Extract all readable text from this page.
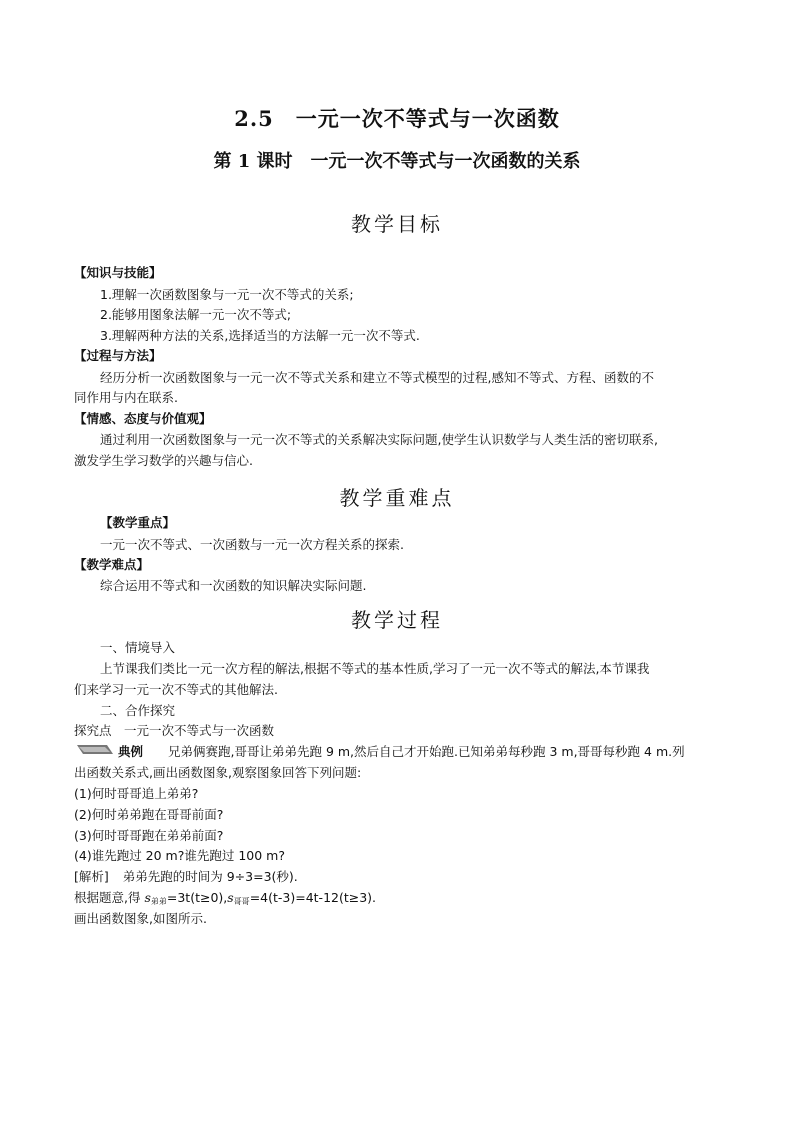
2.5　一元一次不等式与一次函数
第 1 课时　一元一次不等式与一次函数的关系
教学目标
【知识与技能】
1.理解一次函数图象与一元一次不等式的关系;
2.能够用图象法解一元一次不等式;
3.理解两种方法的关系,选择适当的方法解一元一次不等式.
【过程与方法】
经历分析一次函数图象与一元一次不等式关系和建立不等式模型的过程,感知不等式、方程、函数的不
同作用与内在联系.
【情感、态度与价值观】
通过利用一次函数图象与一元一次不等式的关系解决实际问题,使学生认识数学与人类生活的密切联系,
激发学生学习数学的兴趣与信心.
教学重难点
【教学重点】
一元一次不等式、一次函数与一元一次方程关系的探索.
【教学难点】
综合运用不等式和一次函数的知识解决实际问题.
教学过程
一、情境导入
上节课我们类比一元一次方程的解法,根据不等式的基本性质,学习了一元一次不等式的解法,本节课我
们来学习一元一次不等式的其他解法.
二、合作探究
探究点　一元一次不等式与一次函数
典例 兄弟俩赛跑,哥哥让弟弟先跑 9 m,然后自己才开始跑.已知弟弟每秒跑 3 m,哥哥每秒跑 4 m.列
出函数关系式,画出函数图象,观察图象回答下列问题:
(1)何时哥哥追上弟弟?
(2)何时弟弟跑在哥哥前面?
(3)何时哥哥跑在弟弟前面?
(4)谁先跑过 20 m?谁先跑过 100 m?
[解析] 弟弟先跑的时间为 9÷3=3(秒).
根据题意,得 $s_{弟弟}=3t(t\ge 0),s_{哥哥}=4(t-3)=4t-12(t\ge 3)$.
画出函数图象,如图所示.
